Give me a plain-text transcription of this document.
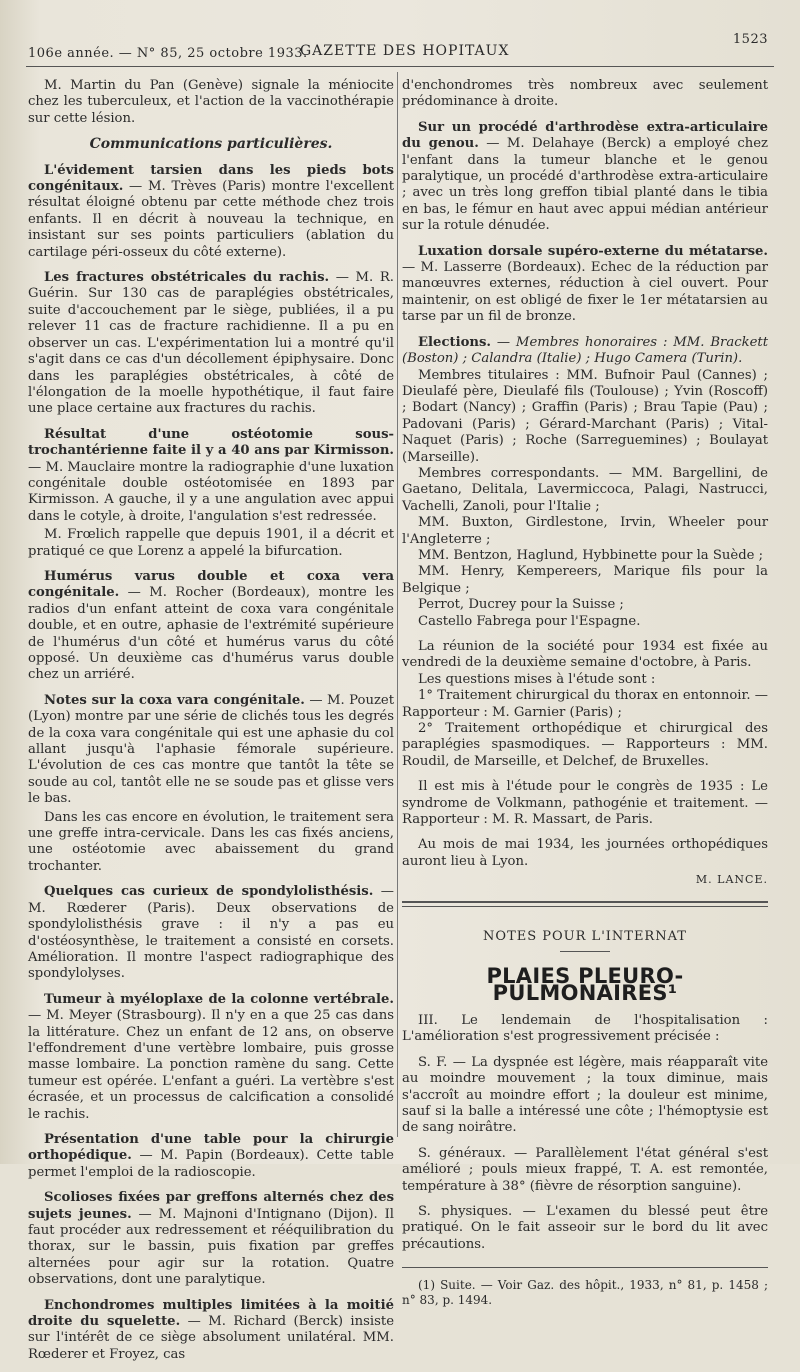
106e année. — N° 85, 25 octobre 1933.
GAZETTE DES HOPITAUX
1523

M. Martin du Pan (Genève) signale la méniocite chez les tuberculeux, et l'action de la vaccinothérapie sur cette lésion.

Communications particulières.

L'évidement tarsien dans les pieds bots congénitaux. — M. Trèves (Paris) montre l'excellent résultat éloigné obtenu par cette méthode chez trois enfants. Il en décrit à nouveau la technique, en insistant sur ses points particuliers (ablation du cartilage péri-osseux du côté externe).

Les fractures obstétricales du rachis. — M. R. Guérin. Sur 130 cas de paraplégies obstétricales, suite d'accouchement par le siège, publiées, il a pu relever 11 cas de fracture rachidienne. Il a pu en observer un cas. L'expérimentation lui a montré qu'il s'agit dans ce cas d'un décollement épiphysaire. Donc dans les paraplégies obstétricales, à côté de l'élongation de la moelle hypothétique, il faut faire une place certaine aux fractures du rachis.

Résultat d'une ostéotomie sous-trochantérienne faite il y a 40 ans par Kirmisson. — M. Mauclaire montre la radiographie d'une luxation congénitale double ostéotomisée en 1893 par Kirmisson. A gauche, il y a une angulation avec appui dans le cotyle, à droite, l'angulation s'est redressée.

M. Frœlich rappelle que depuis 1901, il a décrit et pratiqué ce que Lorenz a appelé la bifurcation.

Humérus varus double et coxa vera congénitale. — M. Rocher (Bordeaux), montre les radios d'un enfant atteint de coxa vara congénitale double, et en outre, aphasie de l'extrémité supérieure de l'humérus d'un côté et humérus varus du côté opposé. Un deuxième cas d'humérus varus double chez un arriéré.

Notes sur la coxa vara congénitale. — M. Pouzet (Lyon) montre par une série de clichés tous les degrés de la coxa vara congénitale qui est une aphasie du col allant jusqu'à l'aphasie fémorale supérieure. L'évolution de ces cas montre que tantôt la tête se soude au col, tantôt elle ne se soude pas et glisse vers le bas.

Dans les cas encore en évolution, le traitement sera une greffe intra-cervicale. Dans les cas fixés anciens, une ostéotomie avec abaissement du grand trochanter.

Quelques cas curieux de spondylolisthésis. — M. Rœderer (Paris). Deux observations de spondylolisthésis grave : il n'y a pas eu d'ostéosynthèse, le traitement a consisté en corsets. Amélioration. Il montre l'aspect radiographique des spondylolyses.

Tumeur à myéloplaxe de la colonne vertébrale. — M. Meyer (Strasbourg). Il n'y en a que 25 cas dans la littérature. Chez un enfant de 12 ans, on observe l'effondrement d'une vertèbre lombaire, puis grosse masse lombaire. La ponction ramène du sang. Cette tumeur est opérée. L'enfant a guéri. La vertèbre s'est écrasée, et un processus de calcification a consolidé le rachis.

Présentation d'une table pour la chirurgie orthopédique. — M. Papin (Bordeaux). Cette table permet l'emploi de la radioscopie.

Scolioses fixées par greffons alternés chez des sujets jeunes. — M. Majnoni d'Intignano (Dijon). Il faut procéder aux redressement et rééquilibration du thorax, sur le bassin, puis fixation par greffes alternées pour agir sur la rotation. Quatre observations, dont une paralytique.

Enchondromes multiples limitées à la moitié droite du squelette. — M. Richard (Berck) insiste sur l'intérêt de ce siège absolument unilatéral. MM. Rœderer et Froyez, cas

d'enchondromes très nombreux avec seulement prédominance à droite.

Sur un procédé d'arthrodèse extra-articulaire du genou. — M. Delahaye (Berck) a employé chez l'enfant dans la tumeur blanche et le genou paralytique, un procédé d'arthrodèse extra-articulaire ; avec un très long greffon tibial planté dans le tibia en bas, le fémur en haut avec appui médian antérieur sur la rotule dénudée.

Luxation dorsale supéro-externe du métatarse. — M. Lasserre (Bordeaux). Echec de la réduction par manœuvres externes, réduction à ciel ouvert. Pour maintenir, on est obligé de fixer le 1er métatarsien au tarse par un fil de bronze.

Elections. — Membres honoraires : MM. Brackett (Boston) ; Calandra (Italie) ; Hugo Camera (Turin).

Membres titulaires : MM. Bufnoir Paul (Cannes) ; Dieulafé père, Dieulafé fils (Toulouse) ; Yvin (Roscoff) ; Bodart (Nancy) ; Graffin (Paris) ; Brau Tapie (Pau) ; Padovani (Paris) ; Gérard-Marchant (Paris) ; Vital-Naquet (Paris) ; Roche (Sarreguemines) ; Boulayat (Marseille).

Membres correspondants. — MM. Bargellini, de Gaetano, Delitala, Lavermiccoca, Palagi, Nastrucci, Vachelli, Zanoli, pour l'Italie ;

MM. Buxton, Girdlestone, Irvin, Wheeler pour l'Angleterre ;

MM. Bentzon, Haglund, Hybbinette pour la Suède ;

MM. Henry, Kempereers, Marique fils pour la Belgique ;

Perrot, Ducrey pour la Suisse ;

Castello Fabrega pour l'Espagne.

La réunion de la société pour 1934 est fixée au vendredi de la deuxième semaine d'octobre, à Paris.

Les questions mises à l'étude sont :

1° Traitement chirurgical du thorax en entonnoir. — Rapporteur : M. Garnier (Paris) ;

2° Traitement orthopédique et chirurgical des paraplégies spasmodiques. — Rapporteurs : MM. Roudil, de Marseille, et Delchef, de Bruxelles.

Il est mis à l'étude pour le congrès de 1935 : Le syndrome de Volkmann, pathogénie et traitement. — Rapporteur : M. R. Massart, de Paris.

Au mois de mai 1934, les journées orthopédiques auront lieu à Lyon.

M. LANCE.

NOTES POUR L'INTERNAT

PLAIES PLEURO-PULMONAIRES¹

III. Le lendemain de l'hospitalisation : L'amélioration s'est progressivement précisée :

S. F. — La dyspnée est légère, mais réapparaît vite au moindre mouvement ; la toux diminue, mais s'accroît au moindre effort ; la douleur est minime, sauf si la balle a intéressé une côte ; l'hémoptysie est de sang noirâtre.

S. généraux. — Parallèlement l'état général s'est amélioré ; pouls mieux frappé, T. A. est remontée, température à 38° (fièvre de résorption sanguine).

S. physiques. — L'examen du blessé peut être pratiqué. On le fait asseoir sur le bord du lit avec précautions.

(1) Suite. — Voir Gaz. des hôpit., 1933, n° 81, p. 1458 ; n° 83, p. 1494.
